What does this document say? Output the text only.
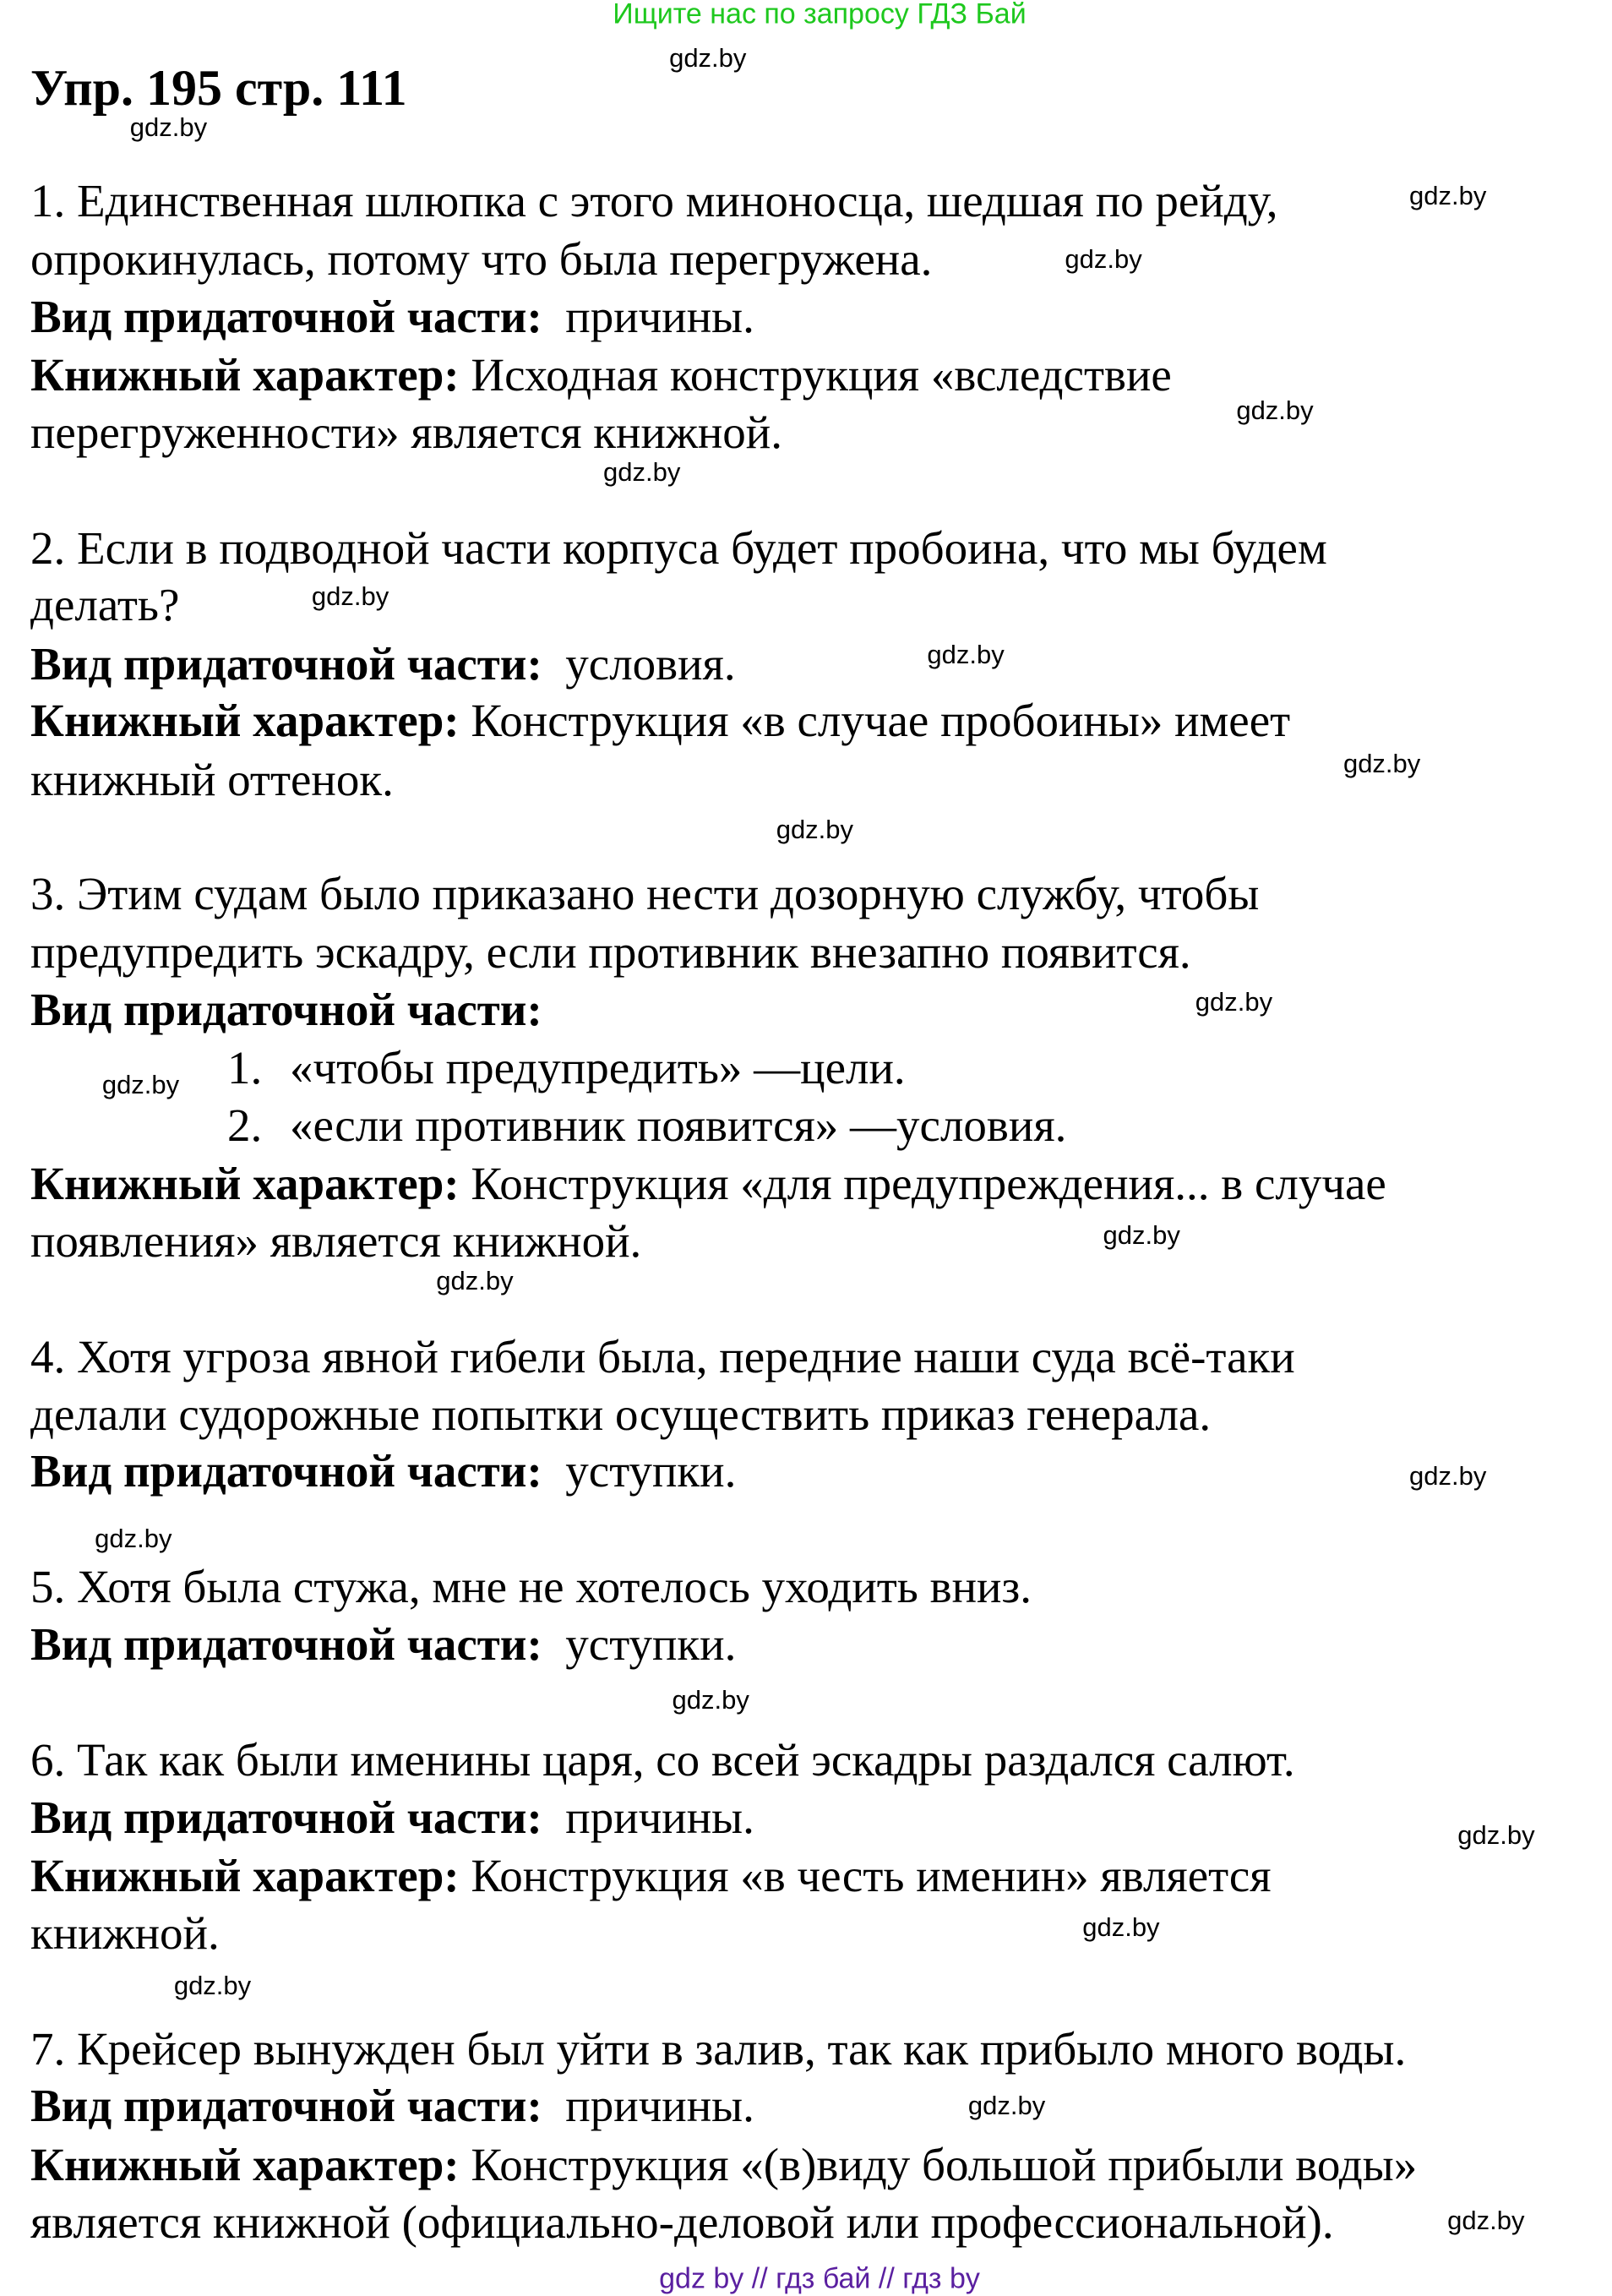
Ищите нас по запросу ГДЗ Бай
Упр. 195 стр. 111
1. Единственная шлюпка с этого миноносца, шедшая по рейду,
опрокинулась, потому что была перегружена.
Вид придаточной части:  причины.
Книжный характер: Исходная конструкция «вследствие
перегруженности» является книжной.
2. Если в подводной части корпуса будет пробоина, что мы будем
делать?
Вид придаточной части:  условия.
Книжный характер: Конструкция «в случае пробоины» имеет
книжный оттенок.
3. Этим судам было приказано нести дозорную службу, чтобы
предупредить эскадру, если противник внезапно появится.
Вид придаточной части:
1. «чтобы предупредить» —цели.
2. «если противник появится» —условия.
Книжный характер: Конструкция «для предупреждения... в случае
появления» является книжной.
4. Хотя угроза явной гибели была, передние наши суда всё-таки
делали судорожные попытки осуществить приказ генерала.
Вид придаточной части:  уступки.
5. Хотя была стужа, мне не хотелось уходить вниз.
Вид придаточной части:  уступки.
6. Так как были именины царя, со всей эскадры раздался салют.
Вид придаточной части:  причины.
Книжный характер: Конструкция «в честь именин» является
книжной.
7. Крейсер вынужден был уйти в залив, так как прибыло много воды.
Вид придаточной части:  причины.
Книжный характер: Конструкция «(в)виду большой прибыли воды»
является книжной (официально-деловой или профессиональной).
gdz.by
gdz.by
gdz.by
gdz.by
gdz.by
gdz.by
gdz.by
gdz.by
gdz.by
gdz.by
gdz.by
gdz.by
gdz.by
gdz.by
gdz.by
gdz.by
gdz.by
gdz.by
gdz.by
gdz.by
gdz.by
gdz.by
gdz by // гдз бай // гдз by
